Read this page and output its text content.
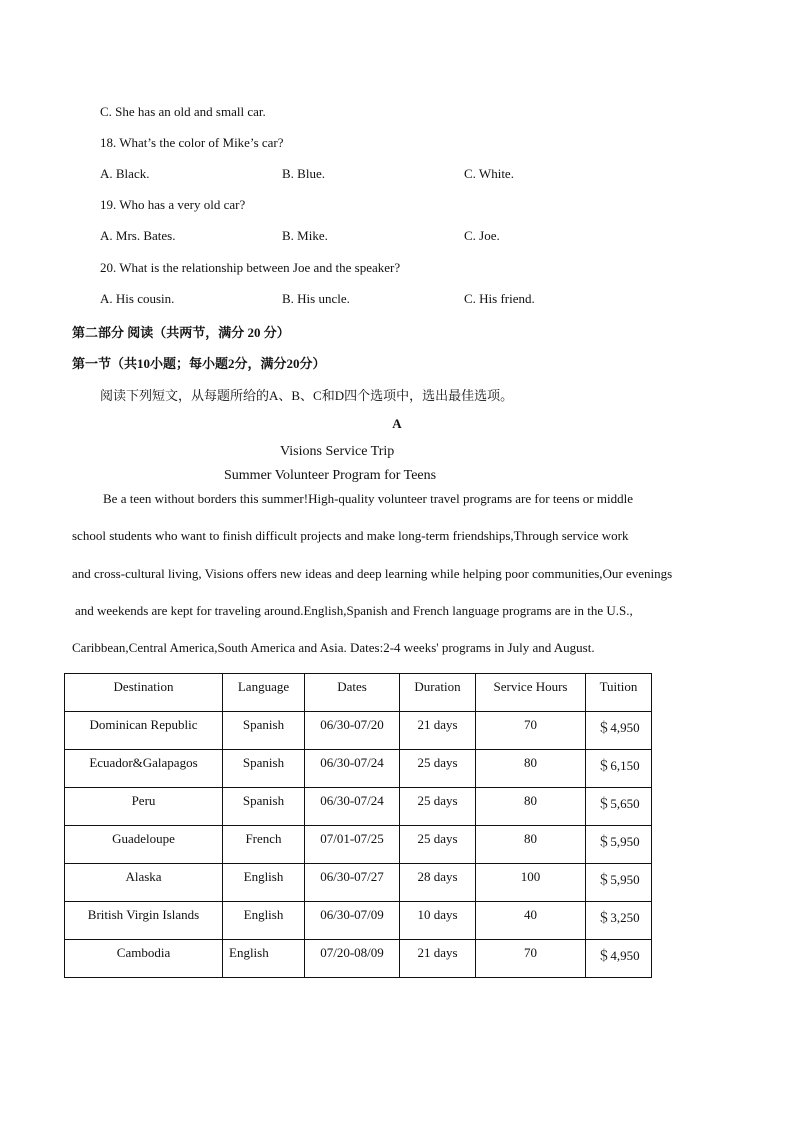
C. She has an old and small car.
18. What’s the color of Mike’s car?
A. Black.	B. Blue.	C. White.
19. Who has a very old car?
A. Mrs. Bates.	B. Mike.	C. Joe.
20. What is the relationship between Joe and the speaker?
A. His cousin.	B. His uncle.	C. His friend.
第二部分 阅读（共两节，满分 20 分）
第一节（共10小题；每小题2分，满分20分）
阅读下列短文，从每题所给的A、B、C和D四个选项中，选出最佳选项。
A
Visions Service Trip
Summer Volunteer Program for Teens
Be a teen without borders this summer!High-quality volunteer travel programs are for teens or middle
school students who want to finish difficult projects and make long-term friendships,Through service work
and cross-cultural living, Visions offers new ideas and deep learning while helping poor communities,Our evenings
and weekends are kept for traveling around.English,Spanish and French language programs are in the U.S.,
Caribbean,Central America,South America and Asia. Dates:2-4 weeks' programs in July and August.
Destination	Language	Dates	Duration	Service Hours	Tuition

Dominican Republic	Spanish	06/30-07/20	21 days	70	＄4,950

Ecuador&Galapagos	Spanish	06/30-07/24	25 days	80	＄6,150

Peru	Spanish	06/30-07/24	25 days	80	＄5,650

Guadeloupe	French	07/01-07/25	25 days	80	＄5,950

Alaska	English	06/30-07/27	28 days	100	＄5,950

British Virgin Islands	English	06/30-07/09	10 days	40	＄3,250

Cambodia	English	07/20-08/09	21 days	70	＄4,950
